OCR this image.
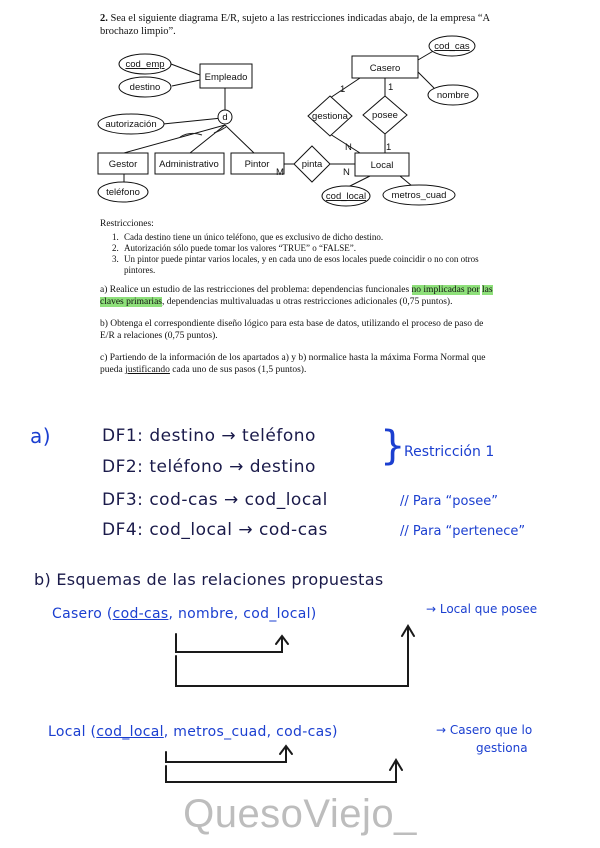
2. Sea el siguiente diagrama E/R, sujeto a las restricciones indicadas abajo, de la empresa “A brochazo limpio”.
Empleado
Gestor Administrativo	Pintor
Casero
Local
gestiona	posee
pinta
cod_emp
destino
autorización
teléfono
cod_cas
nombre
cod_local	metros_cuad
d
1
N
1
1
M	N
Restricciones:
1. Cada destino tiene un único teléfono, que es exclusivo de dicho destino.
2. Autorización sólo puede tomar los valores “TRUE” o “FALSE”.
3. Un pintor puede pintar varios locales, y en cada uno de esos locales puede coincidir o no con otros pintores.
a) Realice un estudio de las restricciones del problema: dependencias funcionales no implicadas por las claves primarias, dependencias multivaluadas u otras restricciones adicionales (0,75 puntos).
b) Obtenga el correspondiente diseño lógico para esta base de datos, utilizando el proceso de paso de E/R a relaciones (0,75 puntos).
c) Partiendo de la información de los apartados a) y b) normalice hasta la máxima Forma Normal que pueda justificando cada uno de sus pasos (1,5 puntos).
a)	DF1: destino → teléfono
DF2: teléfono → destino }
Restricción 1
DF3: cod-cas → cod_local	// Para “posee”
DF4: cod_local → cod-cas	// Para “pertenece”
b) Esquemas de las relaciones propuestas
Casero (cod-cas, nombre, cod_local)	→ Local que posee
Local (cod_local, metros_cuad, cod-cas)	→ Casero que lo
gestiona
QuesoViejo_
